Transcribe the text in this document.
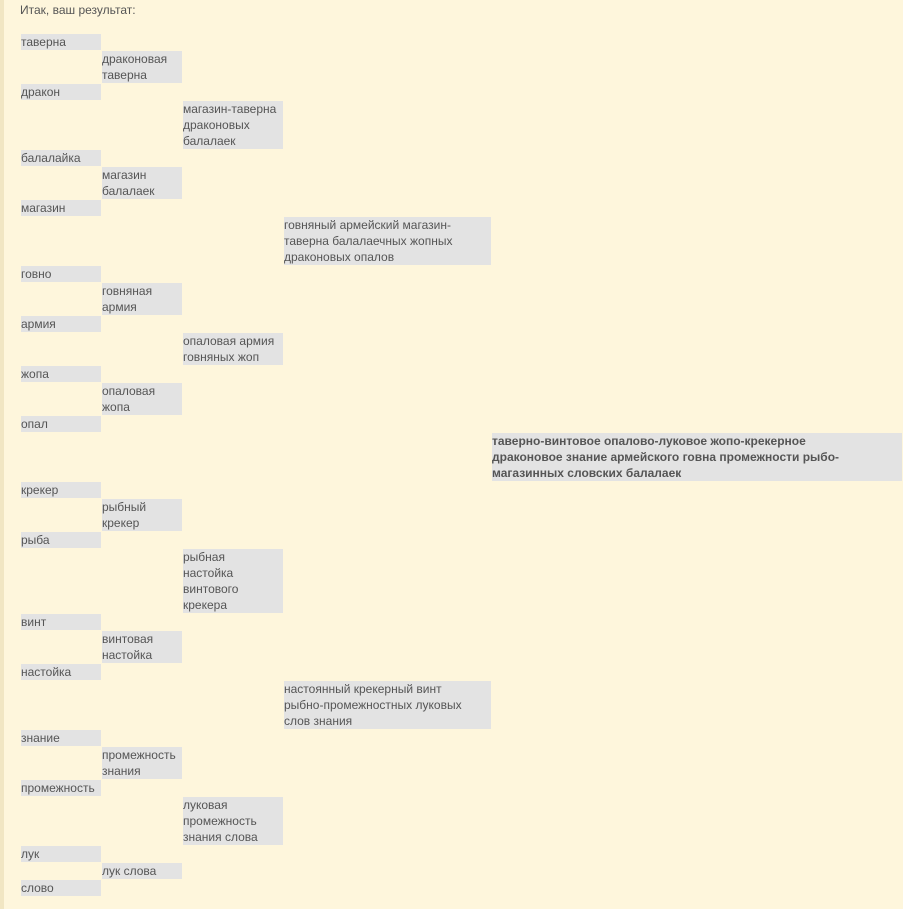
Итак, ваш результат:
таверна
дракон
балалайка
магазин
говно
армия
жопа
опал
крекер
рыба
винт
настойка
знание
промежность
лук
слово
драконовая
таверна
магазин
балалаек
говняная
армия
опаловая
жопа
рыбный
крекер
винтовая
настойка
промежность
знания
лук слова
магазин-таверна
драконовых
балалаек
опаловая армия
говняных жоп
рыбная
настойка
винтового
крекера
луковая
промежность
знания слова
говняный армейский магазин-
таверна балалаечных жопных
драконовых опалов
настоянный крекерный винт
рыбно-промежностных луковых
слов знания
таверно-винтовое опалово-луковое жопо-крекерное
драконовое знание армейского говна промежности рыбо-
магазинных словских балалаек
